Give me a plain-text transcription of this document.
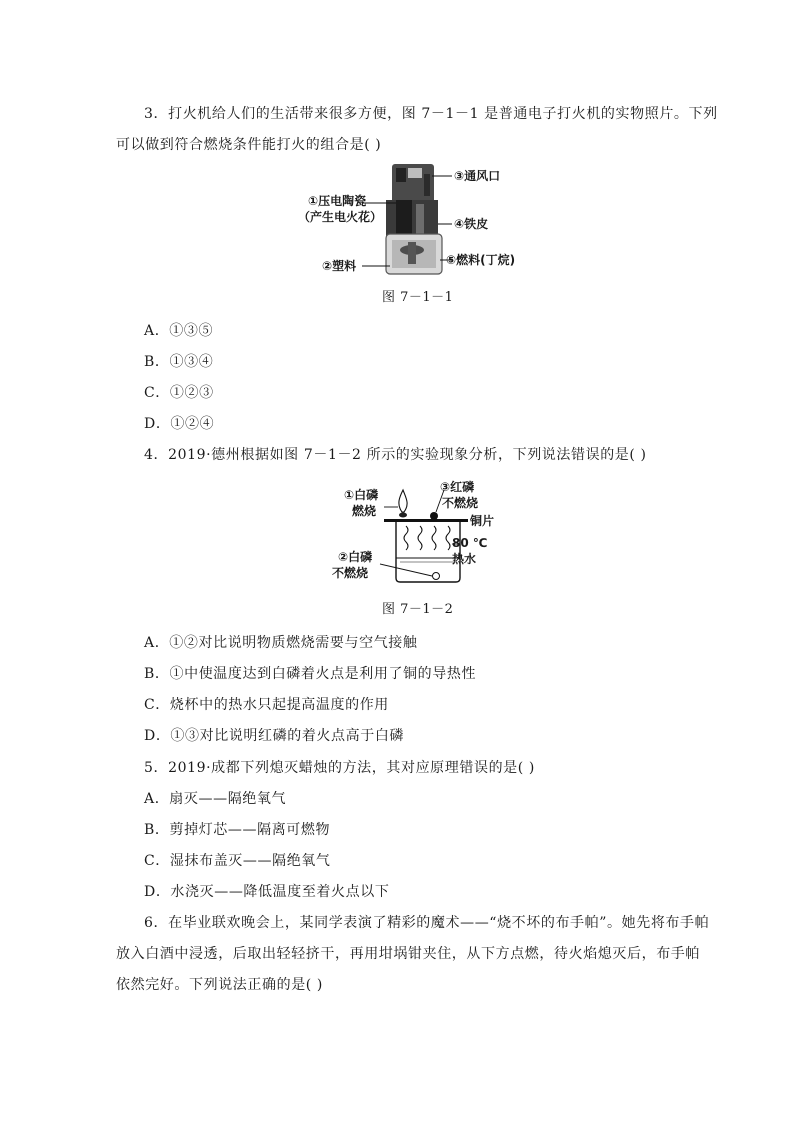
3．打火机给人们的生活带来很多方便，图 7－1－1 是普通电子打火机的实物照片。下列
可以做到符合燃烧条件能打火的组合是( )
①压电陶瓷
（产生电火花）
②塑料
③通风口
④铁皮
⑤燃料(丁烷)
图 7－1－1
A．①③⑤
B．①③④
C．①②③
D．①②④
4．2019·德州根据如图 7－1－2 所示的实验现象分析，下列说法错误的是( )
①白磷
燃烧
③红磷
不燃烧
铜片
80 ℃
热水
②白磷
不燃烧
图 7－1－2
A．①②对比说明物质燃烧需要与空气接触
B．①中使温度达到白磷着火点是利用了铜的导热性
C．烧杯中的热水只起提高温度的作用
D．①③对比说明红磷的着火点高于白磷
5．2019·成都下列熄灭蜡烛的方法，其对应原理错误的是( )
A．扇灭——隔绝氧气
B．剪掉灯芯——隔离可燃物
C．湿抹布盖灭——隔绝氧气
D．水浇灭——降低温度至着火点以下
6．在毕业联欢晚会上，某同学表演了精彩的魔术——“烧不坏的布手帕”。她先将布手帕
放入白酒中浸透，后取出轻轻挤干，再用坩埚钳夹住，从下方点燃，待火焰熄灭后，布手帕
依然完好。下列说法正确的是( )
